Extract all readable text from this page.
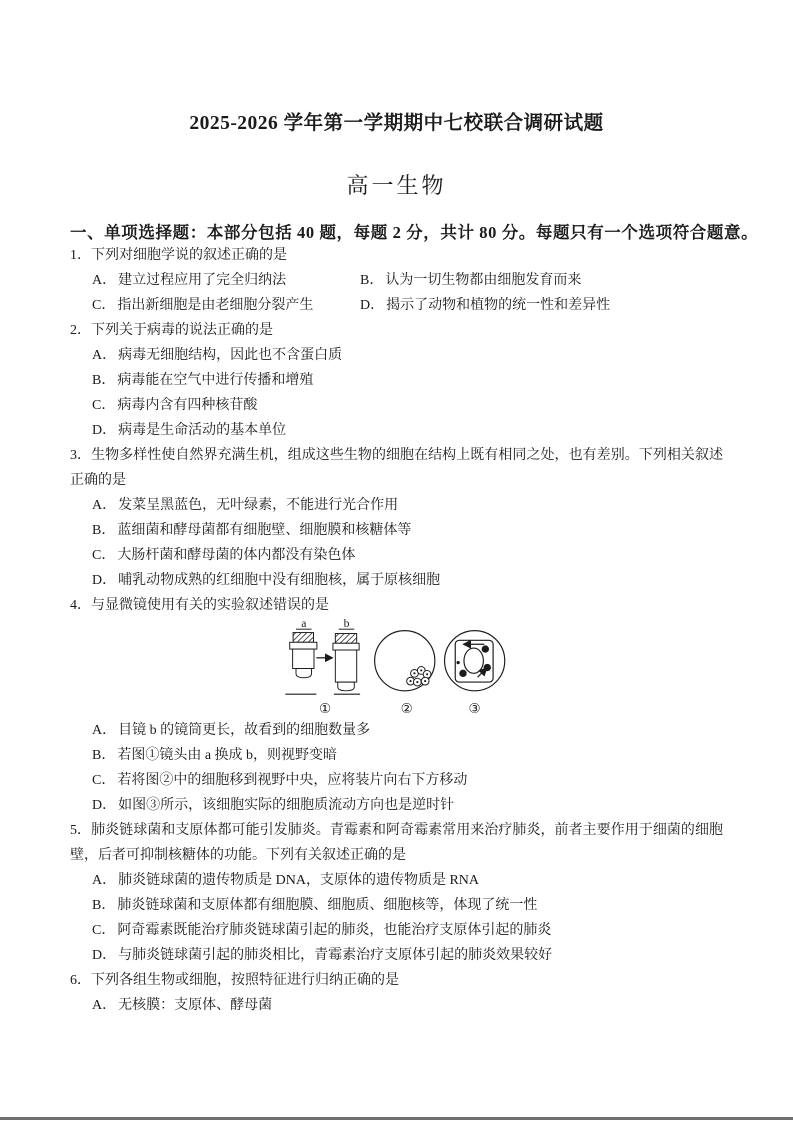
2025-2026 学年第一学期期中七校联合调研试题
高一生物
一、单项选择题：本部分包括 40 题，每题 2 分，共计 80 分。每题只有一个选项符合题意。

1．下列对细胞学说的叙述正确的是

A． 建立过程应用了完全归纳法	B． 认为一切生物都由细胞发育而来
C． 指出新细胞是由老细胞分裂产生	D． 揭示了动物和植物的统一性和差异性

2．下列关于病毒的说法正确的是

A． 病毒无细胞结构，因此也不含蛋白质
B． 病毒能在空气中进行传播和增殖
C． 病毒内含有四种核苷酸
D． 病毒是生命活动的基本单位

3．生物多样性使自然界充满生机，组成这些生物的细胞在结构上既有相同之处，也有差别。下列相关叙述正确的是

A． 发菜呈黑蓝色，无叶绿素，不能进行光合作用
B． 蓝细菌和酵母菌都有细胞壁、细胞膜和核糖体等
C． 大肠杆菌和酵母菌的体内都没有染色体
D． 哺乳动物成熟的红细胞中没有细胞核，属于原核细胞

4．与显微镜使用有关的实验叙述错误的是

a	b
①	②	③
A． 目镜 b 的镜筒更长，故看到的细胞数量多
B． 若图①镜头由 a 换成 b，则视野变暗
C． 若将图②中的细胞移到视野中央，应将装片向右下方移动
D． 如图③所示，该细胞实际的细胞质流动方向也是逆时针

5．肺炎链球菌和支原体都可能引发肺炎。青霉素和阿奇霉素常用来治疗肺炎，前者主要作用于细菌的细胞壁，后者可抑制核糖体的功能。下列有关叙述正确的是

A． 肺炎链球菌的遗传物质是 DNA，支原体的遗传物质是 RNA
B． 肺炎链球菌和支原体都有细胞膜、细胞质、细胞核等，体现了统一性
C． 阿奇霉素既能治疗肺炎链球菌引起的肺炎，也能治疗支原体引起的肺炎
D． 与肺炎链球菌引起的肺炎相比，青霉素治疗支原体引起的肺炎效果较好

6．下列各组生物或细胞，按照特征进行归纳正确的是

A． 无核膜：支原体、酵母菌
